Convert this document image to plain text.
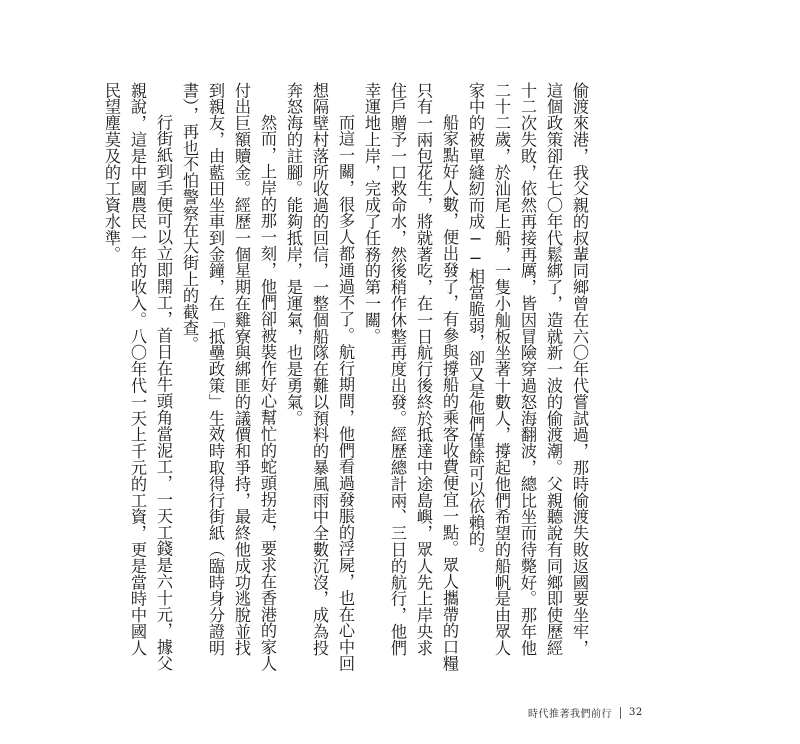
偷渡來港，我父親的叔輩同鄉曾在六〇年代嘗試過，那時偷渡失敗返國要坐牢，這個政策卻在七〇年代鬆綁了，造就新一波的偷渡潮。父親聽說有同鄉即使歷經十二次失敗，依然再接再厲，皆因冒險穿過怒海翻波，總比坐而待斃好。那年他二十二歲，於汕尾上船，一隻小舢板坐著十數人，撐起他們希望的船帆是由眾人家中的被單縫紉而成──相當脆弱，卻又是他們僅餘可以依賴的。

船家點好人數，便出發了，有參與撐船的乘客收費便宜一點。眾人攜帶的口糧只有一兩包花生，將就著吃，在一日航行後終於抵達中途島嶼，眾人先上岸央求住戶贈予一口救命水，然後稍作休整再度出發。經歷總計兩、三日的航行，他們幸運地上岸，完成了任務的第一關。

而這一關，很多人都通過不了。航行期間，他們看過發脹的浮屍，也在心中回想隔壁村落所收過的回信，一整個船隊在難以預料的暴風雨中全數沉沒，成為投奔怒海的註腳。能夠抵岸，是運氣，也是勇氣。

然而，上岸的那一刻，他們卻被裝作好心幫忙的蛇頭拐走，要求在香港的家人付出巨額贖金。經歷一個星期在雞寮與綁匪的議價和爭持，最終他成功逃脫並找到親友，由藍田坐車到金鐘，在「抵壘政策」生效時取得行街紙（臨時身分證明書），再也不怕警察在大街上的截查。

行街紙到手便可以立即開工，首日在牛頭角當泥工，一天工錢是六十元，據父親說，這是中國農民一年的收入。八〇年代一天上千元的工資，更是當時中國人民望塵莫及的工資水準。

時代推著我們前行 32
